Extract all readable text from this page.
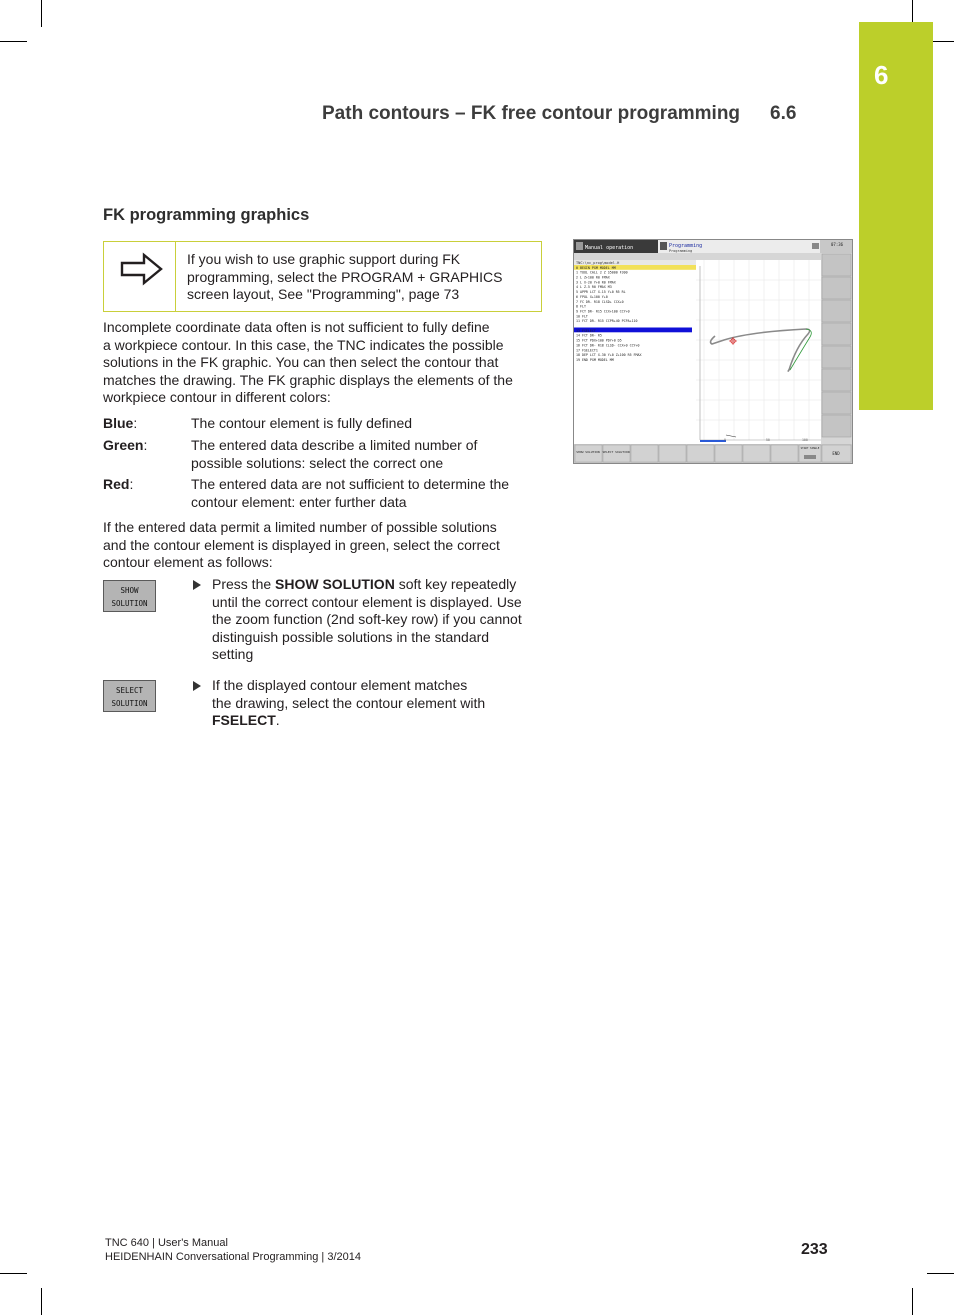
6
Path contours – FK free contour programming 6.6
FK programming graphics
If you wish to use graphic support during FK
programming, select the PROGRAM + GRAPHICS
screen layout, See "Programming", page 73
Incomplete coordinate data often is not sufficient to fully define
a workpiece contour. In this case, the TNC indicates the possible
solutions in the FK graphic. You can then select the contour that
matches the drawing. The FK graphic displays the elements of the
workpiece contour in different colors:
Blue:	The contour element is fully defined
Green:	The entered data describe a limited number of
possible solutions: select the correct one
Red:	The entered data are not sufficient to determine the
contour element: enter further data
If the entered data permit a limited number of possible solutions
and the contour element is displayed in green, select the correct
contour element as follows:
SHOW
SOLUTION
SELECT
SOLUTION
Press the SHOW SOLUTION soft key repeatedly
until the correct contour element is displayed. Use
the zoom function (2nd soft-key row) if you cannot
distinguish possible solutions in the standard
setting
If the displayed contour element matches
the drawing, select the contour element with
FSELECT.
Manual operation	Programming
Programming
07:36
TNC:\nc_prog\model.H
0 BEGIN PGM MODEL MM
1 TOOL CALL 2 Z S5000 F300
2 L Z+100 R0 FMAX
3 L X-20 Y+0 R0 FMAX
4 L Z-5 R0 FMAX M3
5 APPR LCT X-15 Y+0 R5 RL
6 FPOL X+100 Y+0
7 FC DR- R18 CLSD+ CCX+0
8 FLT
9 FCT DR- R15 CCX+100 CCY+0
10 FLT
11 FCT DR- R15 CCPR+40 PCPA+110
12 FLT PDX+100 PDY+0 D5
13 FSELECT
14 FCT DR- R5
15 FCT PDX+100 PDY+0 D5
16 FCT DR- R18 CLSD- CCX+0 CCY+0
17 FSELECT1
18 DEP LCT X-30 Y+0 Z+100 R5 FMAX
19 END PGM MODEL MM
0	50	100
SHOW SOLUTION SELECT SOLUTION
START SINGLE
END
TNC 640 | User's Manual
HEIDENHAIN Conversational Programming | 3/2014	233
